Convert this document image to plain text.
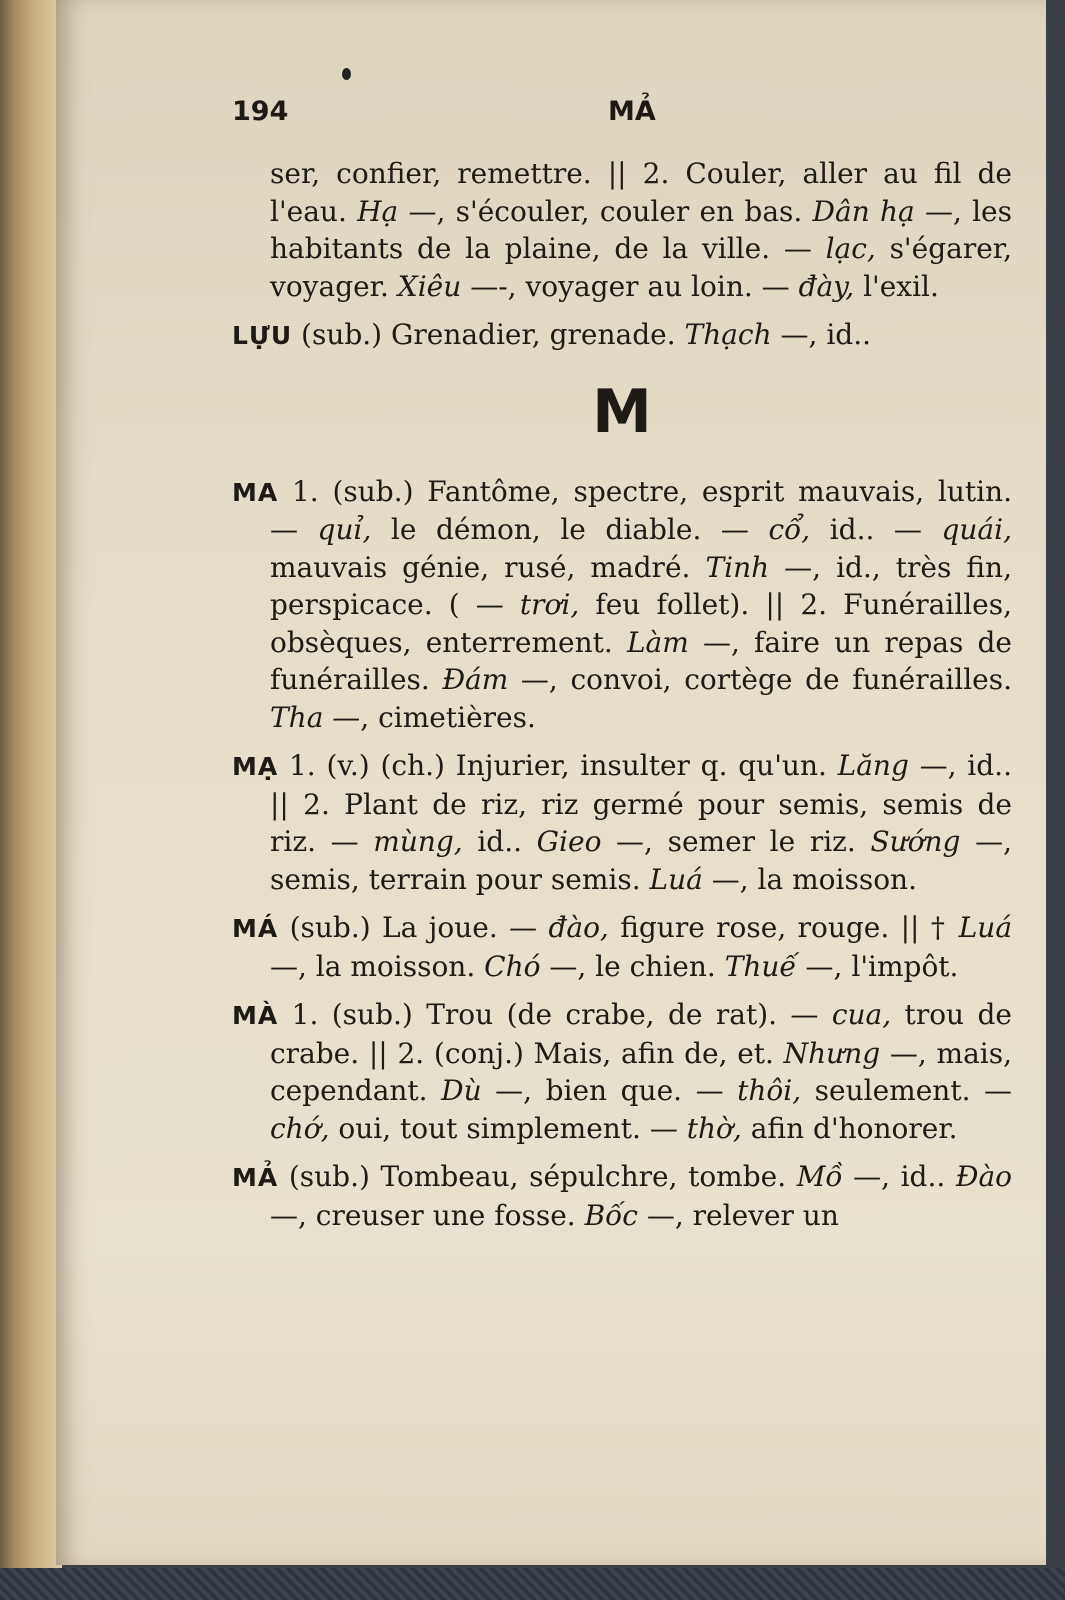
194	MẢ

ser, confier, remettre. || 2. Couler, aller au fil de l'eau. Hạ —, s'écouler, couler en bas. Dân hạ —, les habitants de la plaine, de la ville. — lạc, s'égarer, voyager. Xiêu —-, voyager au loin. — đày, l'exil.

LỰU (sub.) Grenadier, grenade. Thạch —, id..

M

MA 1. (sub.) Fantôme, spectre, esprit mauvais, lutin. — quỉ, le démon, le diable. — cổ, id.. — quái, mauvais génie, rusé, madré. Tinh —, id., très fin, perspicace. ( — trơi, feu follet). || 2. Funérailles, obsèques, enterrement. Làm —, faire un repas de funérailles. Đám —, convoi, cortège de funérailles. Tha —, cimetières.

MẠ 1. (v.) (ch.) Injurier, insulter q. qu'un. Lăng —, id.. || 2. Plant de riz, riz germé pour semis, semis de riz. — mùng, id.. Gieo —, semer le riz. Sướng —, semis, terrain pour semis. Luá —, la moisson.

MÁ (sub.) La joue. — đào, figure rose, rouge. || † Luá —, la moisson. Chó —, le chien. Thuế —, l'impôt.

MÀ 1. (sub.) Trou (de crabe, de rat). — cua, trou de crabe. || 2. (conj.) Mais, afin de, et. Nhưng —, mais, cependant. Dù —, bien que. — thôi, seulement. — chớ, oui, tout simplement. — thờ, afin d'honorer.

MẢ (sub.) Tombeau, sépulchre, tombe. Mồ —, id.. Đào —, creuser une fosse. Bốc —, relever un
